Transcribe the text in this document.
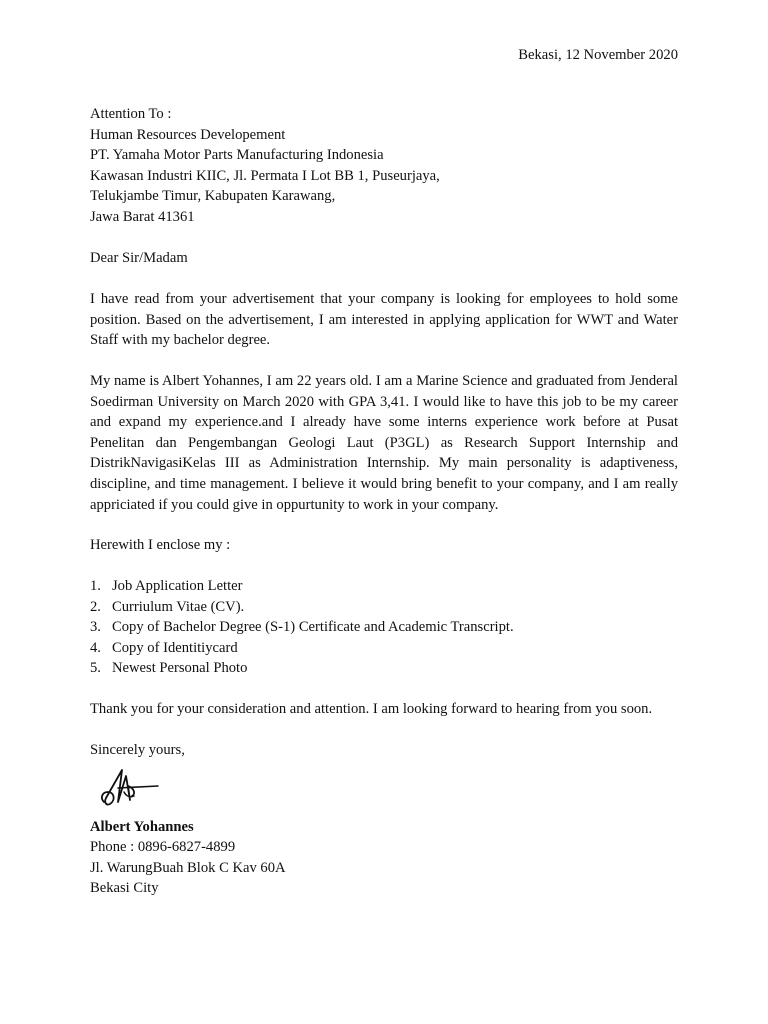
Bekasi, 12 November 2020
Attention To :
Human Resources Developement
PT. Yamaha Motor Parts Manufacturing Indonesia
Kawasan Industri KIIC, Jl. Permata I Lot BB 1, Puseurjaya,
Telukjambe Timur, Kabupaten Karawang,
Jawa Barat 41361
Dear Sir/Madam
I have read from your advertisement that your company is looking for employees to hold some position. Based on the advertisement, I am interested in applying application for WWT and Water Staff with my bachelor degree.
My name is Albert Yohannes, I am 22 years old. I am a Marine Science and graduated from Jenderal Soedirman University on March 2020 with GPA 3,41. I would like to have this job to be my career and expand my experience.and I already have some interns experience work before at Pusat Penelitan dan Pengembangan Geologi Laut (P3GL) as Research Support Internship and DistrikNavigasiKelas III as Administration Internship. My main personality is adaptiveness, discipline, and time management. I believe it would bring benefit to your company, and I am really appriciated if you could give in oppurtunity to work in your company.
Herewith I enclose my :
1. Job Application Letter
2. Curriulum Vitae (CV).
3. Copy of Bachelor Degree (S-1) Certificate and Academic Transcript.
4. Copy of Identitiycard
5. Newest Personal Photo
Thank you for your consideration and attention. I am looking forward to hearing from you soon.
Sincerely yours,
Albert Yohannes
Phone : 0896-6827-4899
Jl. WarungBuah Blok C Kav 60A
Bekasi City
